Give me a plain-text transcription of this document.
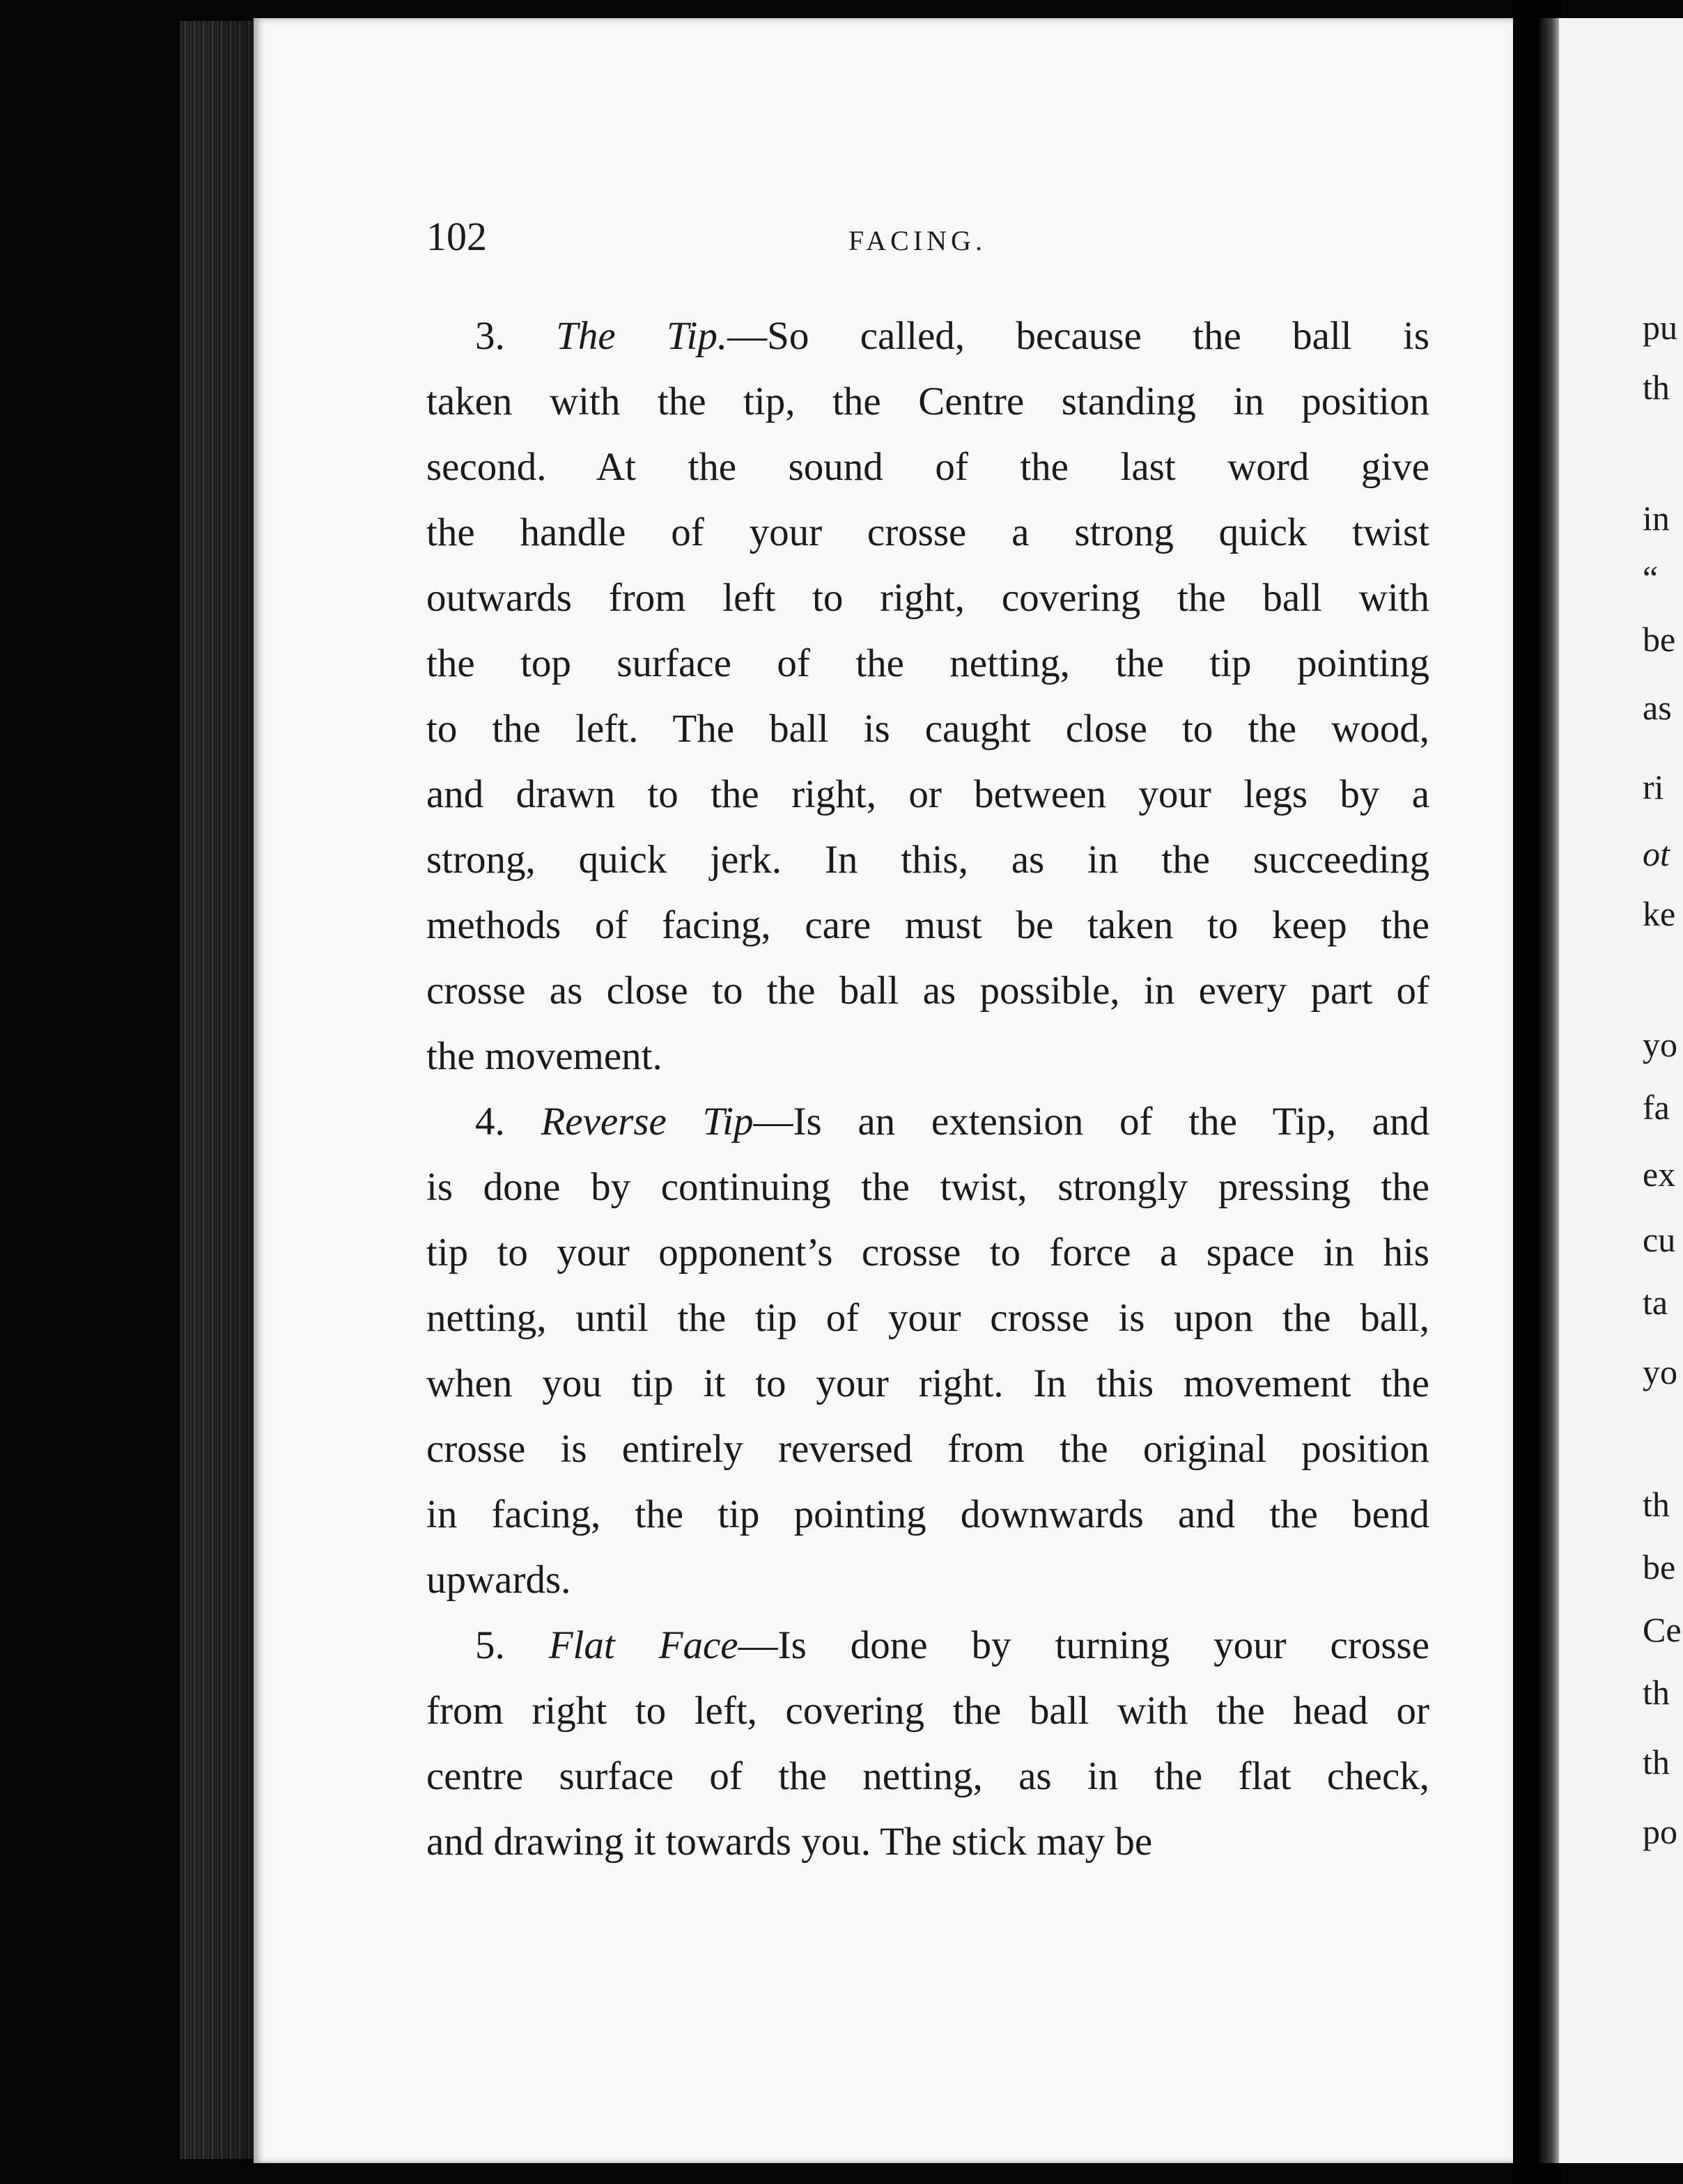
102	FACING.
3. The Tip.—So called, because the ball is
taken with the tip, the Centre standing in position
second. At the sound of the last word give
the handle of your crosse a strong quick twist
outwards from left to right, covering the ball with
the top surface of the netting, the tip pointing
to the left. The ball is caught close to the wood,
and drawn to the right, or between your legs by a
strong, quick jerk. In this, as in the succeeding
methods of facing, care must be taken to keep the
crosse as close to the ball as possible, in every part of
the movement.
4. Reverse Tip—Is an extension of the Tip, and
is done by continuing the twist, strongly pressing the
tip to your opponent’s crosse to force a space in his
netting, until the tip of your crosse is upon the ball,
when you tip it to your right. In this movement the
crosse is entirely reversed from the original position
in facing, the tip pointing downwards and the bend
upwards.
5. Flat Face—Is done by turning your crosse
from right to left, covering the ball with the head or
centre surface of the netting, as in the flat check,
and drawing it towards you. The stick may be
pu
th
in
“
be
as
ri
ot
ke
yo
fa
ex
cu
ta
yo
th
be
Ce
th
th
po
